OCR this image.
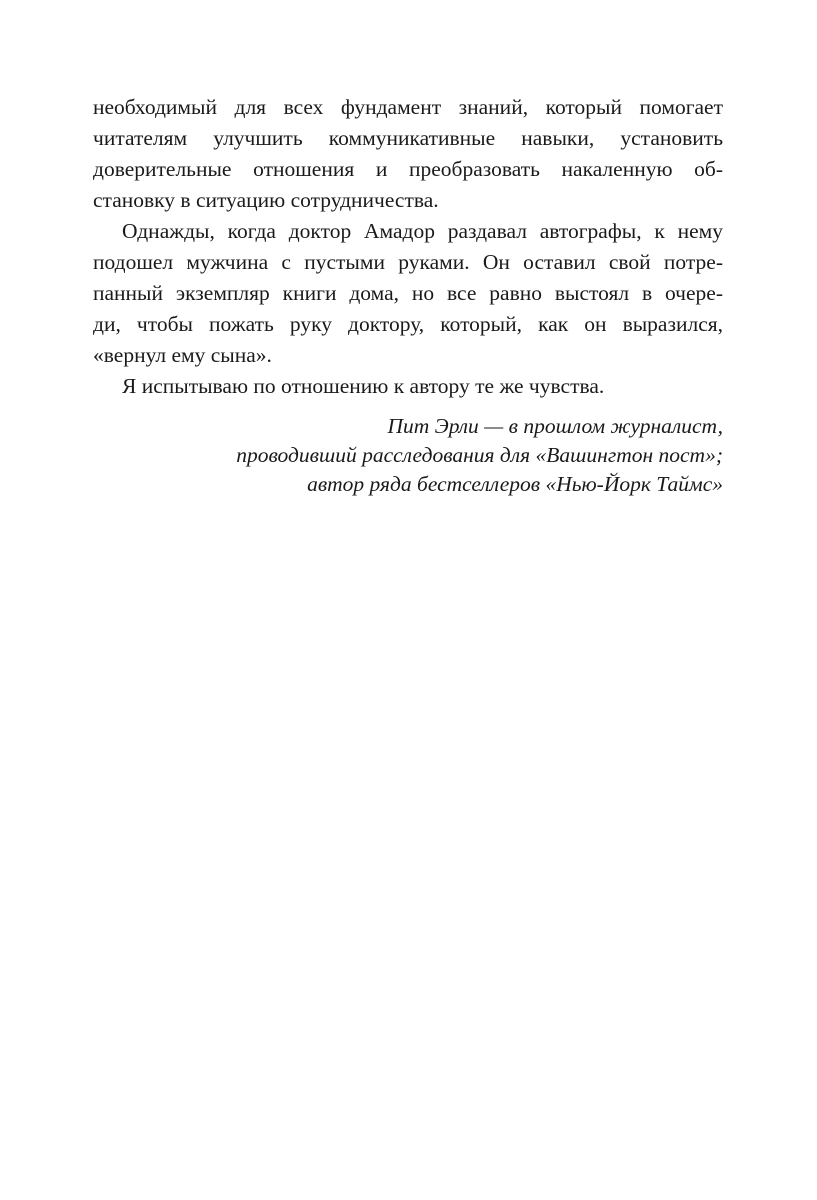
необходимый для всех фундамент знаний, который помогает
читателям улучшить коммуникативные навыки, установить
доверительные отношения и преобразовать накаленную об-
становку в ситуацию сотрудничества.
Однажды, когда доктор Амадор раздавал автографы, к нему
подошел мужчина с пустыми руками. Он оставил свой потре-
панный экземпляр книги дома, но все равно выстоял в очере-
ди, чтобы пожать руку доктору, который, как он выразился,
«вернул ему сына».
Я испытываю по отношению к автору те же чувства.
Пит Эрли — в прошлом журналист,
проводивший расследования для «Вашингтон пост»;
автор ряда бестселлеров «Нью-Йорк Таймс»
